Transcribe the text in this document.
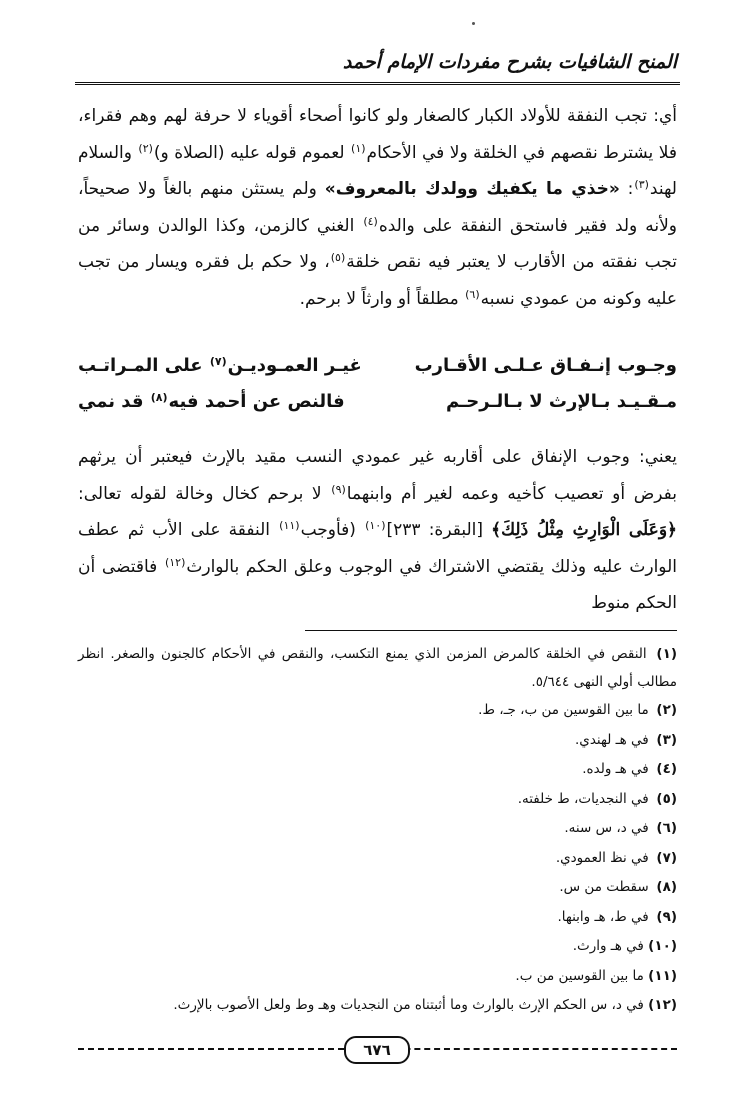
المنح الشافيات بشرح مفردات الإمام أحمد

أي: تجب النفقة للأولاد الكبار كالصغار ولو كانوا أصحاء أقوياء لا حرفة لهم وهم فقراء، فلا يشترط نقصهم في الخلقة ولا في الأحكام$^{(١)}$ لعموم قوله عليه (الصلاة و)$^{(٢)}$ والسلام لهند$^{(٣)}$: «خذي ما يكفيك وولدك بالمعروف» ولم يستثن منهم بالغاً ولا صحيحاً، ولأنه ولد فقير فاستحق النفقة على والده$^{(٤)}$ الغني كالزمن، وكذا الوالدن وسائر من تجب نفقته من الأقارب لا يعتبر فيه نقص خلقة$^{(٥)}$، ولا حكم بل فقره ويسار من تجب عليه وكونه من عمودي نسبه$^{(٦)}$ مطلقاً أو وارثاً لا برحم.

وجـوب إنـفـاق عـلـى الأقـارب
غيـر العمـوديـن$^{(٧)}$ على المـراتـب
مـقـيـد بـالإرث لا بـالـرحـم
فالنص عن أحمد فيه$^{(٨)}$ قد نمي

يعني: وجوب الإنفاق على أقاربه غير عمودي النسب مقيد بالإرث فيعتبر أن يرثهم بفرض أو تعصيب كأخيه وعمه لغير أم وابنهما$^{(٩)}$ لا برحم كخال وخالة لقوله تعالى: ﴿وَعَلَى الْوَارِثِ مِثْلُ ذَلِكَ﴾ [البقرة: ٢٣٣]$^{(١٠)}$ (فأوجب$^{(١١)}$ النفقة على الأب ثم عطف الوارث عليه وذلك يقتضي الاشتراك في الوجوب وعلق الحكم بالوارث$^{(١٢)}$ فاقتضى أن الحكم منوط

(١) النقص في الخلقة كالمرض المزمن الذي يمنع التكسب، والنقص في الأحكام كالجنون والصغر. انظر مطالب أولي النهى ٥/٦٤٤.

(٢) ما بين القوسين من ب، جـ، ط.

(٣) في هـ لهندي.

(٤) في هـ ولده.

(٥) في النجديات، ط خلفته.

(٦) في د، س سنه.

(٧) في نظ العمودي.

(٨) سقطت من س.

(٩) في ط، هـ وابنها.

(١٠) في هـ وارث.

(١١) ما بين القوسين من ب.

(١٢) في د، س الحكم الإرث بالوارث وما أثبتناه من النجديات وهـ وط ولعل الأصوب بالإرث.

٦٧٦
